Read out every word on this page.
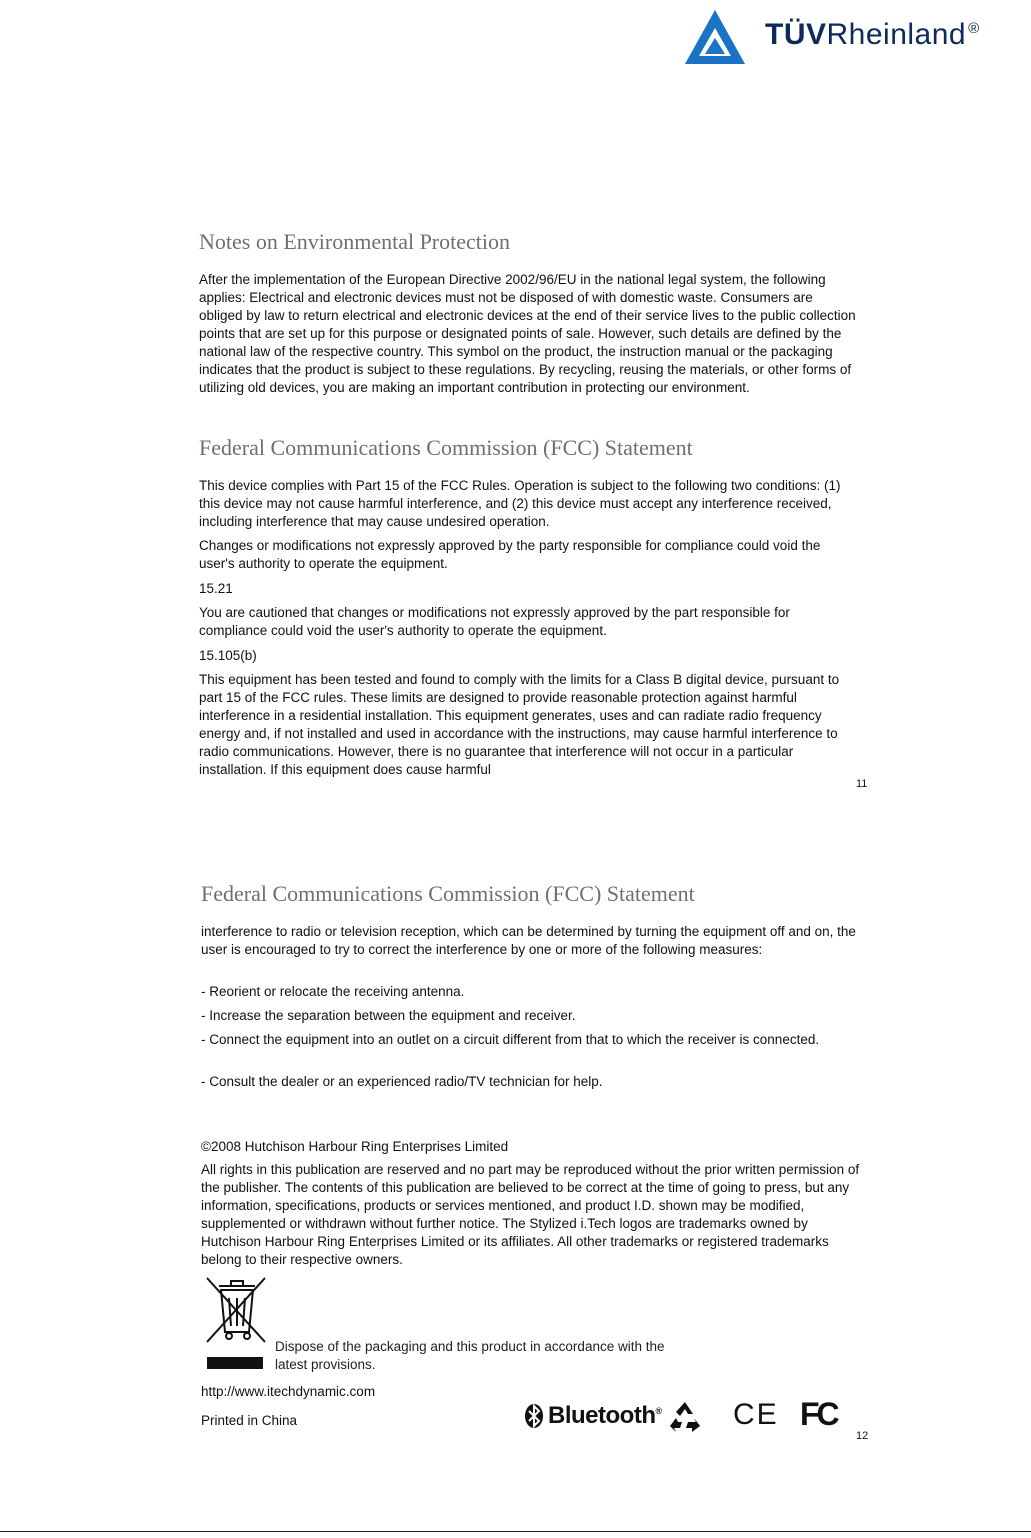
TÜVRheinland ®
Notes on Environmental Protection
After the implementation of the European Directive 2002/96/EU in the national legal system, the following applies: Electrical and electronic devices must not be disposed of with domestic waste. Consumers are obliged by law to return electrical and electronic devices at the end of their service lives to the public collection points that are set up for this purpose or designated points of sale. However, such details are defined by the national law of the respective country. This symbol on the product, the instruction manual or the packaging indicates that the product is subject to these regulations. By recycling, reusing the materials, or other forms of utilizing old devices, you are making an important contribution in protecting our environment.
Federal Communications Commission (FCC) Statement
This device complies with Part 15 of the FCC Rules. Operation is subject to the following two conditions: (1) this device may not cause harmful interference, and (2) this device must accept any interference received, including interference that may cause undesired operation.
Changes or modifications not expressly approved by the party responsible for compliance could void the user's authority to operate the equipment.
15.21
You are cautioned that changes or modifications not expressly approved by the part responsible for compliance could void the user's authority to operate the equipment.
15.105(b)
This equipment has been tested and found to comply with the limits for a Class B digital device, pursuant to part 15 of the FCC rules. These limits are designed to provide reasonable protection against harmful interference in a residential installation. This equipment generates, uses and can radiate radio frequency energy and, if not installed and used in accordance with the instructions, may cause harmful interference to radio communications. However, there is no guarantee that interference will not occur in a particular installation. If this equipment does cause harmful
11
Federal Communications Commission (FCC) Statement
interference to radio or television reception, which can be determined by turning the equipment off and on, the user is encouraged to try to correct the interference by one or more of the following measures:
- Reorient or relocate the receiving antenna.
- Increase the separation between the equipment and receiver.
- Connect the equipment into an outlet on a circuit different from that to which the receiver is connected.
- Consult the dealer or an experienced radio/TV technician for help.
©2008 Hutchison Harbour Ring Enterprises Limited
All rights in this publication are reserved and no part may be reproduced without the prior written permission of the publisher. The contents of this publication are believed to be correct at the time of going to press, but any information, specifications, products or services mentioned, and product I.D. shown may be modified, supplemented or withdrawn without further notice. The Stylized i.Tech logos are trademarks owned by Hutchison Harbour Ring Enterprises Limited or its affiliates. All other trademarks or registered trademarks belong to their respective owners.
Dispose of the packaging and this product in accordance with the latest provisions.
http://www.itechdynamic.com
Printed in China	Bluetooth® CE FC
12
